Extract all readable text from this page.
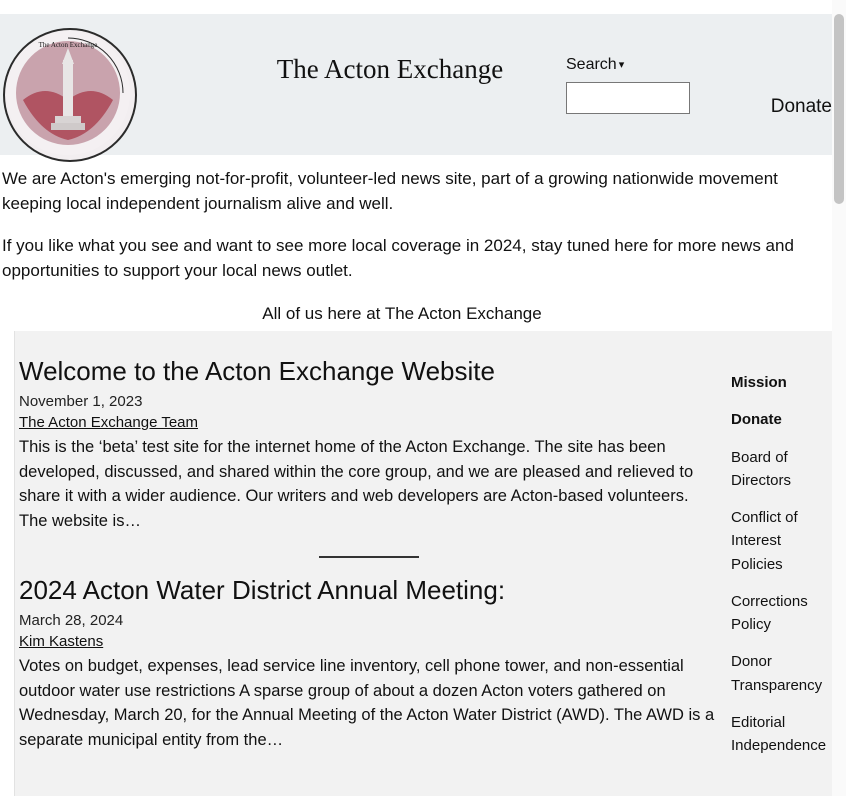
The Acton Exchange
The Acton Exchange	Search ▾
Donate

We are Acton's emerging not-for-profit, volunteer-led news site, part of a growing nationwide movement keeping local independent journalism alive and well.

If you like what you see and want to see more local coverage in 2024, stay tuned here for more news and opportunities to support your local news outlet.

All of us here at The Acton Exchange

Welcome to the Acton Exchange Website
November 1, 2023
The Acton Exchange Team

This is the ‘beta’ test site for the internet home of the Acton Exchange. The site has been developed, discussed, and shared within the core group, and we are pleased and relieved to share it with a wider audience. Our writers and web developers are Acton-based volunteers. The website is…

2024 Acton Water District Annual Meeting:
March 28, 2024
Kim Kastens

Votes on budget, expenses, lead service line inventory, cell phone tower, and non-essential outdoor water use restrictions A sparse group of about a dozen Acton voters gathered on Wednesday, March 20, for the Annual Meeting of the Acton Water District (AWD). The AWD is a separate municipal entity from the…

Mission
Donate
Board of Directors
Conflict of Interest Policies
Corrections Policy
Donor Transparency
Editorial Independence
